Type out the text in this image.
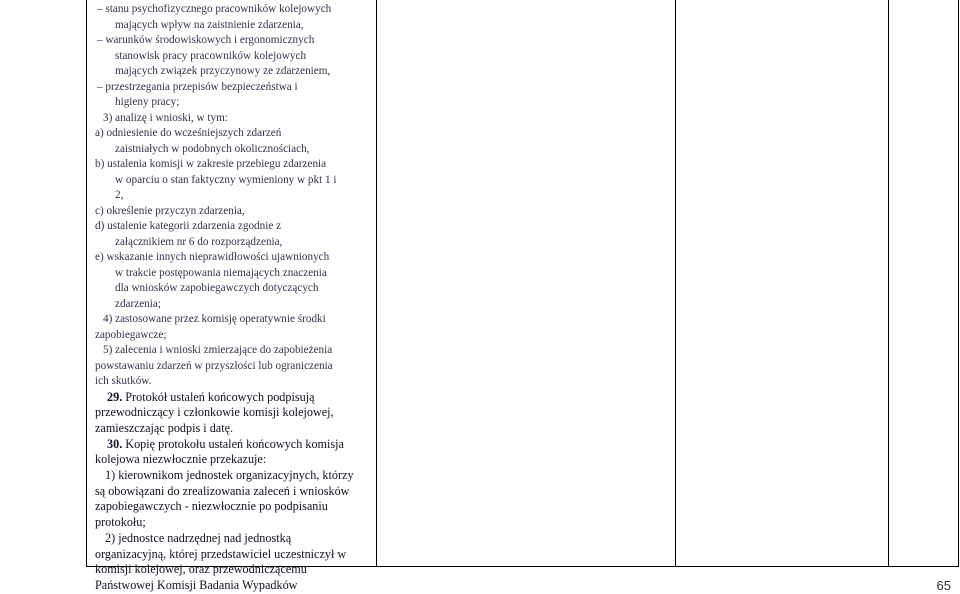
– stanu psychofizycznego pracowników kolejowych

mających wpływ na zaistnienie zdarzenia,

– warunków środowiskowych i ergonomicznych

stanowisk pracy pracowników kolejowych

mających związek przyczynowy ze zdarzeniem,

– przestrzegania przepisów bezpieczeństwa i

higieny pracy;

3) analizę i wnioski, w tym:

a) odniesienie do wcześniejszych zdarzeń

zaistniałych w podobnych okolicznościach,

b) ustalenia komisji w zakresie przebiegu zdarzenia

w oparciu o stan faktyczny wymieniony w pkt 1 i

2,

c) określenie przyczyn zdarzenia,

d) ustalenie kategorii zdarzenia zgodnie z

załącznikiem nr 6 do rozporządzenia,

e) wskazanie innych nieprawidłowości ujawnionych

w trakcie postępowania niemających znaczenia

dla wniosków zapobiegawczych dotyczących

zdarzenia;

4) zastosowane przez komisję operatywnie środki

zapobiegawcze;

5) zalecenia i wnioski zmierzające do zapobieżenia

powstawaniu zdarzeń w przyszłości lub ograniczenia

ich skutków.

29. Protokół ustaleń końcowych podpisują

przewodniczący i członkowie komisji kolejowej,

zamieszczając podpis i datę.

30. Kopię protokołu ustaleń końcowych komisja

kolejowa niezwłocznie przekazuje:

1) kierownikom jednostek organizacyjnych, którzy

są obowiązani do zrealizowania zaleceń i wniosków

zapobiegawczych - niezwłocznie po podpisaniu

protokołu;

2) jednostce nadrzędnej nad jednostką

organizacyjną, której przedstawiciel uczestniczył w

komisji kolejowej, oraz przewodniczącemu

Państwowej Komisji Badania Wypadków	65
